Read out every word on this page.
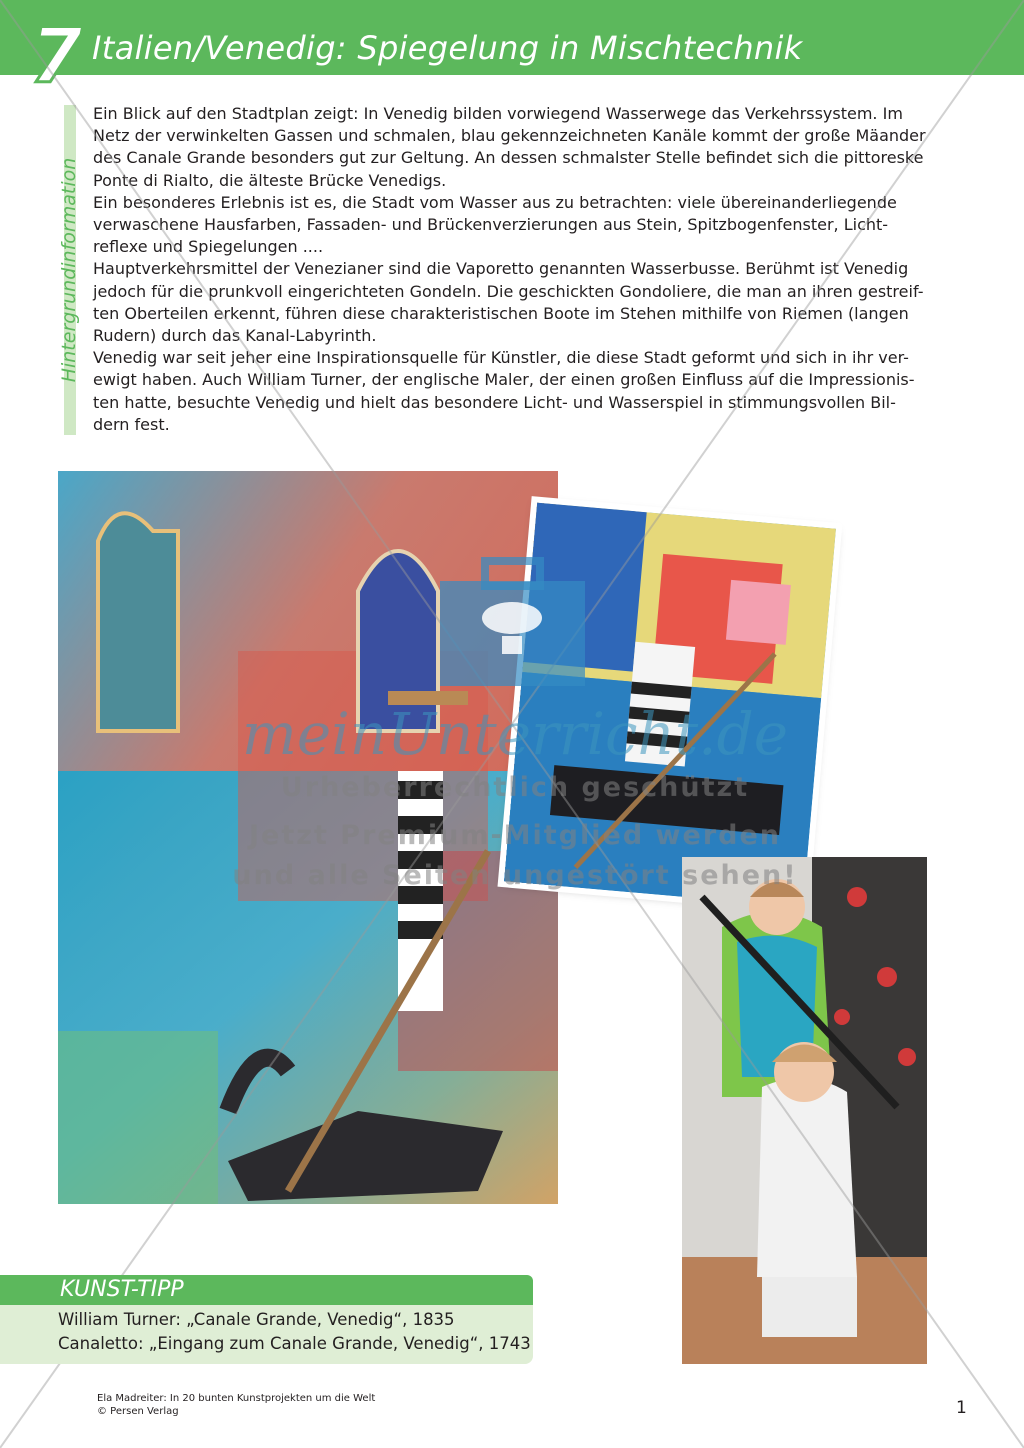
7 Italien/Venedig: Spiegelung in Mischtechnik
Hintergrundinformation

Ein Blick auf den Stadtplan zeigt: In Venedig bilden vorwiegend Wasserwege das Verkehrssystem. Im Netz der verwinkelten Gassen und schmalen, blau gekennzeichneten Kanäle kommt der große Mäander des Canale Grande besonders gut zur Geltung. An dessen schmalster Stelle befindet sich die pittoreske Ponte di Rialto, die älteste Brücke Venedigs.

Ein besonderes Erlebnis ist es, die Stadt vom Wasser aus zu betrachten: viele übereinanderliegende verwaschene Hausfarben, Fassaden- und Brückenverzierungen aus Stein, Spitzbogenfenster, Licht- reflexe und Spiegelungen ....

Hauptverkehrsmittel der Venezianer sind die Vaporetto genannten Wasserbusse. Berühmt ist Venedig jedoch für die prunkvoll eingerichteten Gondeln. Die geschickten Gondoliere, die man an ihren gestreif- ten Oberteilen erkennt, führen diese charakteristischen Boote im Stehen mithilfe von Riemen (langen Rudern) durch das Kanal-Labyrinth.

Venedig war seit jeher eine Inspirationsquelle für Künstler, die diese Stadt geformt und sich in ihr ver- ewigt haben. Auch William Turner, der englische Maler, der einen großen Einfluss auf die Impressionis- ten hatte, besuchte Venedig und hielt das besondere Licht- und Wasserspiel in stimmungsvollen Bil- dern fest.

meinUnterricht.de
Urheberrechtlich geschützt
Jetzt Premium-Mitglied werden
und alle Seiten ungestört sehen!
KUNST-TIPP
William Turner: „Canale Grande, Venedig“, 1835
Canaletto: „Eingang zum Canale Grande, Venedig“, 1743
Ela Madreiter: In 20 bunten Kunstprojekten um die Welt
© Persen Verlag	1
